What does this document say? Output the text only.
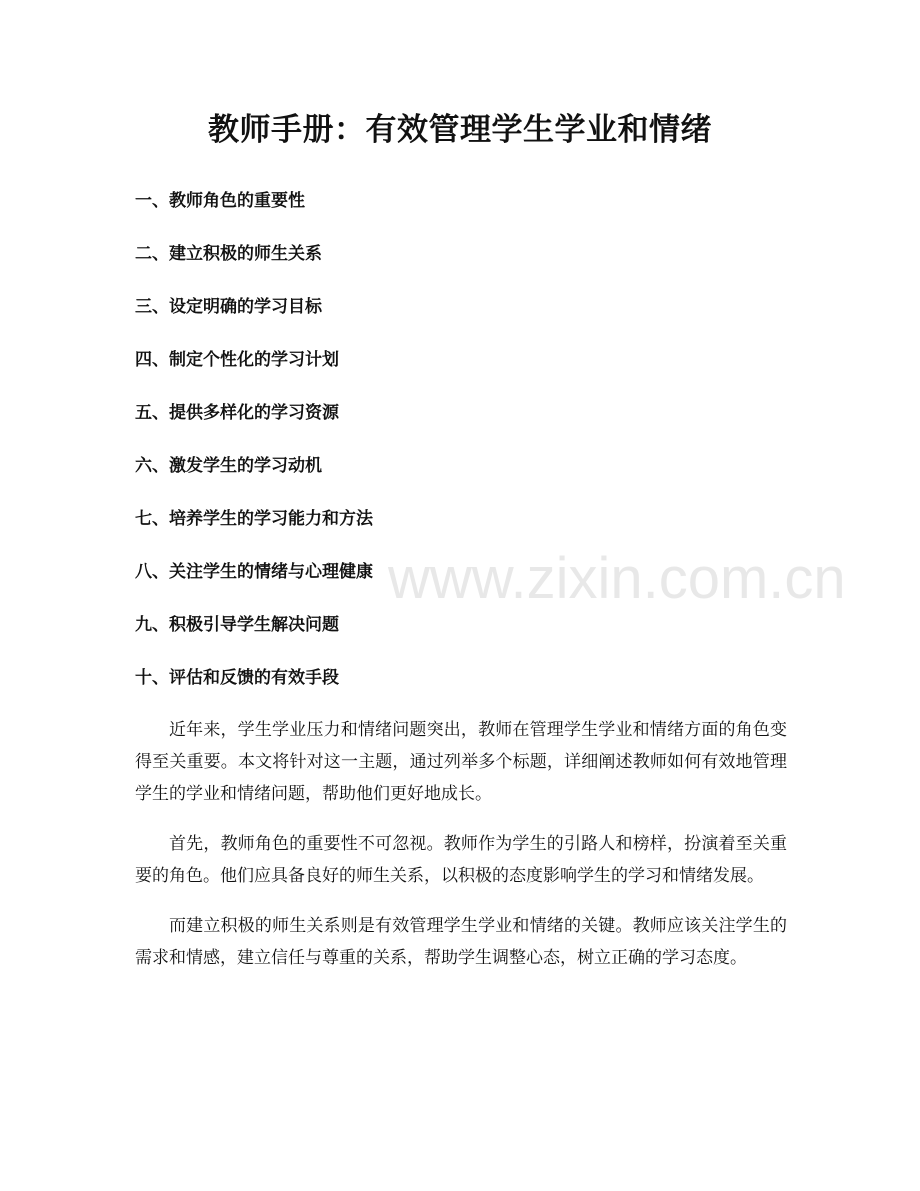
教师手册：有效管理学生学业和情绪
一、教师角色的重要性
二、建立积极的师生关系
三、设定明确的学习目标
四、制定个性化的学习计划
五、提供多样化的学习资源
六、激发学生的学习动机
七、培养学生的学习能力和方法
八、关注学生的情绪与心理健康
九、积极引导学生解决问题
十、评估和反馈的有效手段

近年来，学生学业压力和情绪问题突出，教师在管理学生学业和情绪方面的角色变得至关重要。本文将针对这一主题，通过列举多个标题，详细阐述教师如何有效地管理学生的学业和情绪问题，帮助他们更好地成长。

首先，教师角色的重要性不可忽视。教师作为学生的引路人和榜样，扮演着至关重要的角色。他们应具备良好的师生关系，以积极的态度影响学生的学习和情绪发展。

而建立积极的师生关系则是有效管理学生学业和情绪的关键。教师应该关注学生的需求和情感，建立信任与尊重的关系，帮助学生调整心态，树立正确的学习态度。

www.zixin.com.cn
